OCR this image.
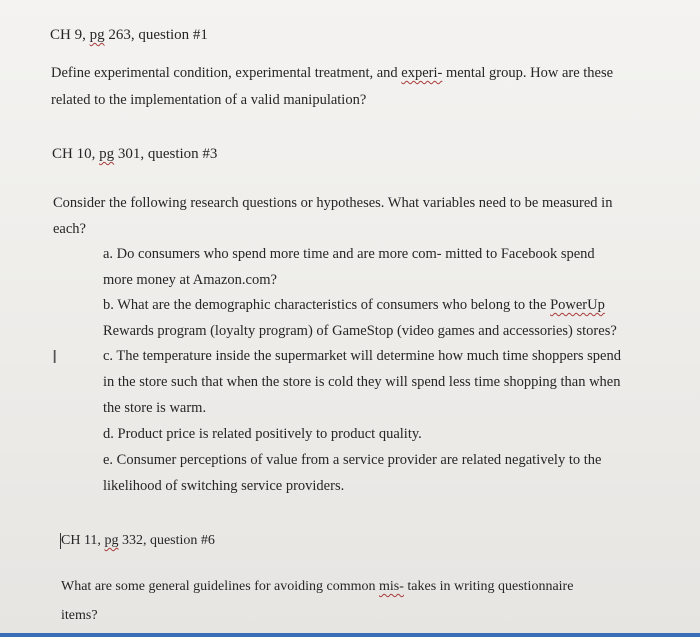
CH 9, pg 263, question #1
Define experimental condition, experimental treatment, and experi- mental group. How are these
related to the implementation of a valid manipulation?
CH 10, pg 301, question #3
Consider the following research questions or hypotheses. What variables need to be measured in
each?
a. Do consumers who spend more time and are more com- mitted to Facebook spend
more money at Amazon.com?
b. What are the demographic characteristics of consumers who belong to the PowerUp
Rewards program (loyalty program) of GameStop (video games and accessories) stores?
c. The temperature inside the supermarket will determine how much time shoppers spend
in the store such that when the store is cold they will spend less time shopping than when
the store is warm.
d. Product price is related positively to product quality.
e. Consumer perceptions of value from a service provider are related negatively to the
likelihood of switching service providers.
I
CH 11, pg 332, question #6
What are some general guidelines for avoiding common mis- takes in writing questionnaire
items?
